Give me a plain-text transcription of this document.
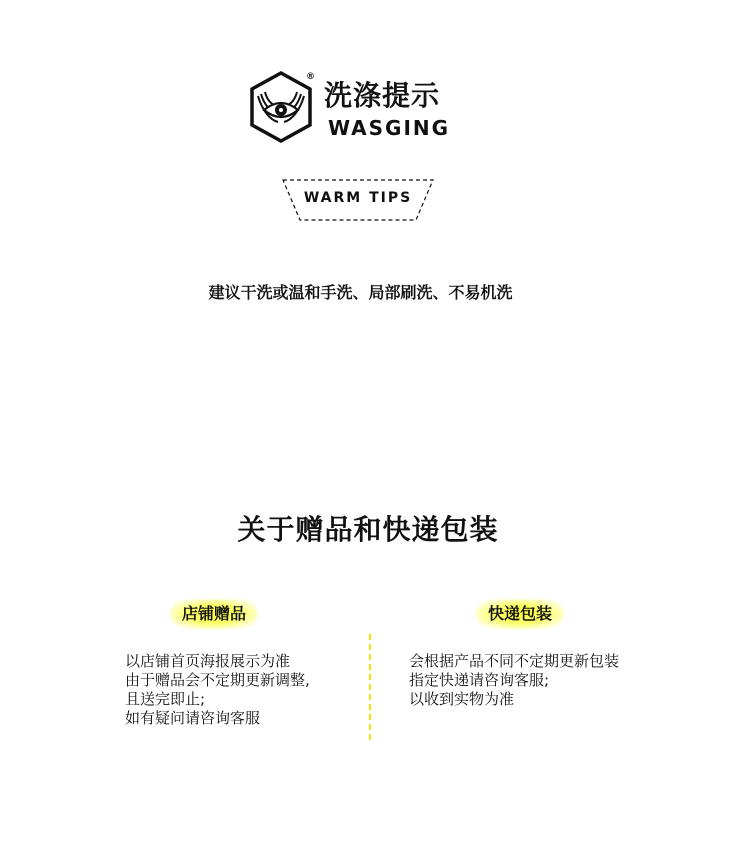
®
洗涤提示
WASGING
WARM TIPS
建议干洗或温和手洗、局部刷洗、不易机洗
关于赠品和快递包装
店铺赠品	快递包装
以店铺首页海报展示为准
由于赠品会不定期更新调整,
且送完即止;
如有疑问请咨询客服
会根据产品不同不定期更新包装
指定快递请咨询客服;
以收到实物为准
